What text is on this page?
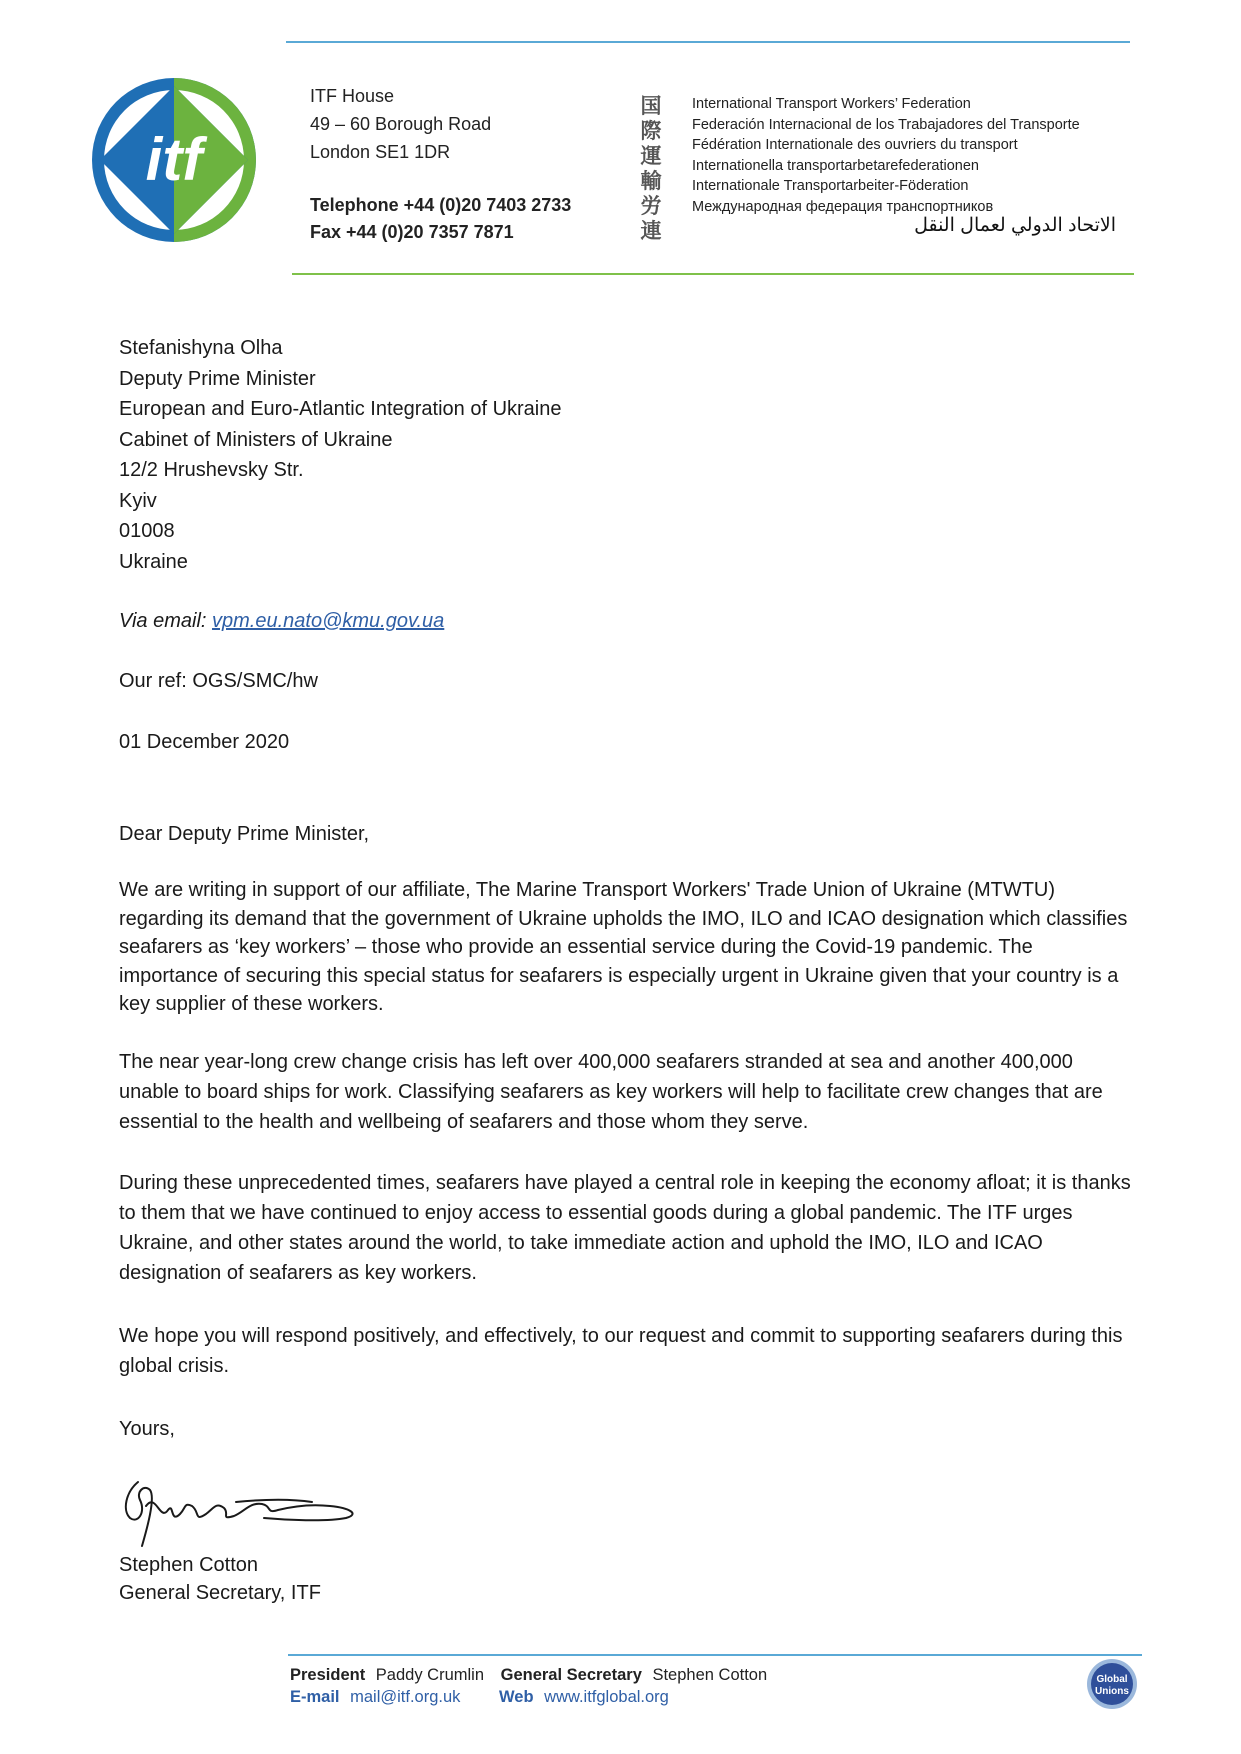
itf
ITF House
49 – 60 Borough Road
London SE1 1DR
Telephone +44 (0)20 7403 2733
Fax +44 (0)20 7357 7871
国
際
運
輸
労
連
International Transport Workers’ Federation
Federación Internacional de los Trabajadores del Transporte
Fédération Internationale des ouvriers du transport
Internationella transportarbetarefederationen
Internationale Transportarbeiter-Föderation
Международная федерация транспортников
الاتحاد الدولي لعمال النقل
Stefanishyna Olha
Deputy Prime Minister
European and Euro-Atlantic Integration of Ukraine
Cabinet of Ministers of Ukraine
12/2 Hrushevsky Str.
Kyiv
01008
Ukraine
Via email: vpm.eu.nato@kmu.gov.ua
Our ref: OGS/SMC/hw
01 December 2020
Dear Deputy Prime Minister,
We are writing in support of our affiliate, The Marine Transport Workers' Trade Union of Ukraine (MTWTU) regarding its demand that the government of Ukraine upholds the IMO, ILO and ICAO designation which classifies seafarers as ‘key workers’ – those who provide an essential service during the Covid-19 pandemic. The importance of securing this special status for seafarers is especially urgent in Ukraine given that your country is a key supplier of these workers.
The near year-long crew change crisis has left over 400,000 seafarers stranded at sea and another 400,000 unable to board ships for work. Classifying seafarers as key workers will help to facilitate crew changes that are essential to the health and wellbeing of seafarers and those whom they serve.
During these unprecedented times, seafarers have played a central role in keeping the economy afloat; it is thanks to them that we have continued to enjoy access to essential goods during a global pandemic. The ITF urges Ukraine, and other states around the world, to take immediate action and uphold the IMO, ILO and ICAO designation of seafarers as key workers.
We hope you will respond positively, and effectively, to our request and commit to supporting seafarers during this global crisis.
Yours,
Stephen Cotton
General Secretary, ITF
President Paddy Crumlin General Secretary Stephen Cotton
E-mail mail@itf.org.uk Web www.itfglobal.org
Global
Unions
